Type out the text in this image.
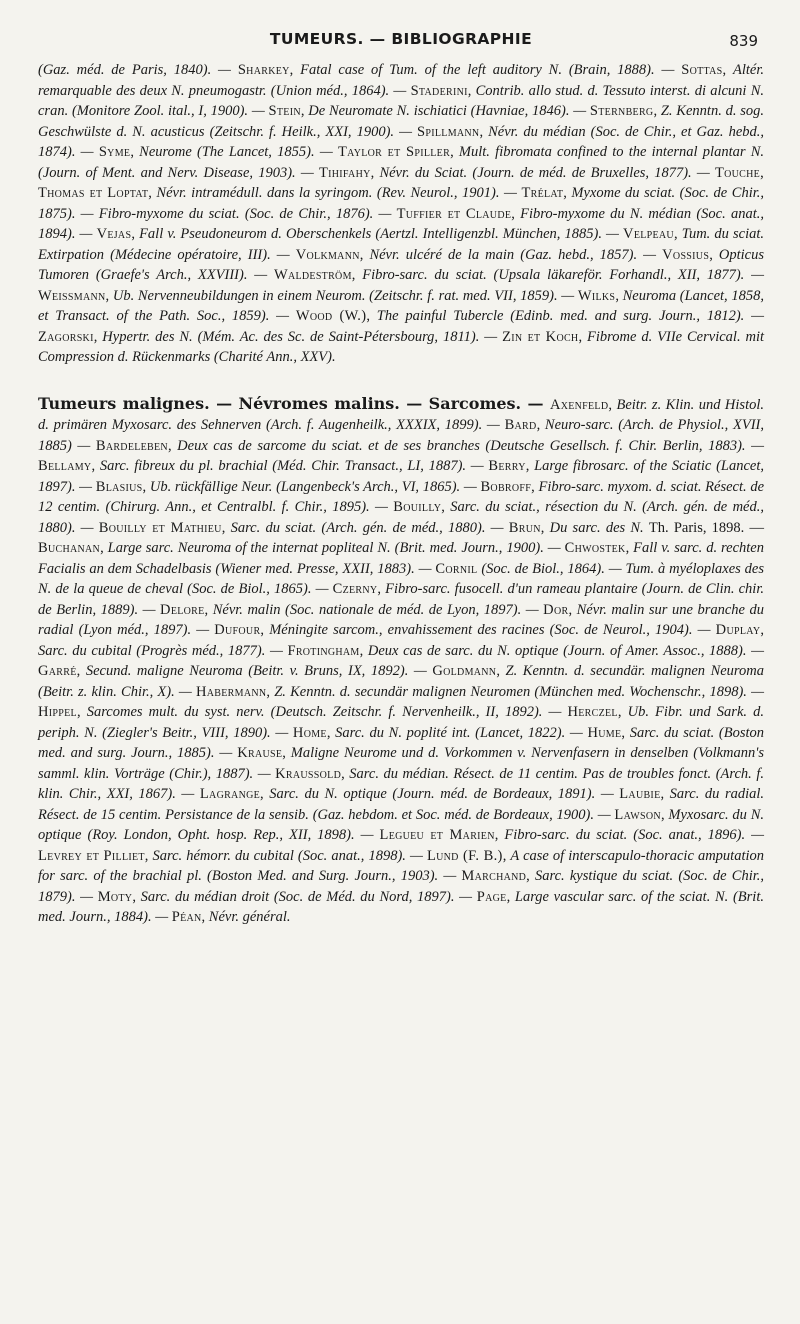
TUMEURS. — BIBLIOGRAPHIE	839

(Gaz. méd. de Paris, 1840). — Sharkey, Fatal case of Tum. of the left auditory N. (Brain, 1888). — Sottas, Altér. remarquable des deux N. pneumogastr. (Union méd., 1864). — Staderini, Contrib. allo stud. d. Tessuto interst. di alcuni N. cran. (Monitore Zool. ital., I, 1900). — Stein, De Neuromate N. ischiatici (Havniae, 1846). — Sternberg, Z. Kenntn. d. sog. Geschwülste d. N. acusticus (Zeitschr. f. Heilk., XXI, 1900). — Spillmann, Névr. du médian (Soc. de Chir., et Gaz. hebd., 1874). — Syme, Neurome (The Lancet, 1855). — Taylor et Spiller, Mult. fibromata confined to the internal plantar N. (Journ. of Ment. and Nerv. Disease, 1903). — Tihifahy, Névr. du Sciat. (Journ. de méd. de Bruxelles, 1877). — Touche, Thomas et Loptat, Névr. intramédull. dans la syringom. (Rev. Neurol., 1901). — Trélat, Myxome du sciat. (Soc. de Chir., 1875). — Fibro-myxome du sciat. (Soc. de Chir., 1876). — Tuffier et Claude, Fibro-myxome du N. médian (Soc. anat., 1894). — Vejas, Fall v. Pseudoneurom d. Oberschenkels (Aertzl. Intelligenzbl. München, 1885). — Velpeau, Tum. du sciat. Extirpation (Médecine opératoire, III). — Volkmann, Névr. ulcéré de la main (Gaz. hebd., 1857). — Vossius, Opticus Tumoren (Graefe's Arch., XXVIII). — Waldeström, Fibro-sarc. du sciat. (Upsala läkareför. Forhandl., XII, 1877). — Weissmann, Ub. Nervenneubildungen in einem Neurom. (Zeitschr. f. rat. med. VII, 1859). — Wilks, Neuroma (Lancet, 1858, et Transact. of the Path. Soc., 1859). — Wood (W.), The painful Tubercle (Edinb. med. and surg. Journ., 1812). — Zagorski, Hypertr. des N. (Mém. Ac. des Sc. de Saint-Pétersbourg, 1811). — Zin et Koch, Fibrome d. VIIe Cervical. mit Compression d. Rückenmarks (Charité Ann., XXV).

Tumeurs malignes. — Névromes malins. — Sarcomes. — Axenfeld, Beitr. z. Klin. und Histol. d. primären Myxosarc. des Sehnerven (Arch. f. Augenheilk., XXXIX, 1899). — Bard, Neuro-sarc. (Arch. de Physiol., XVII, 1885) — Bardeleben, Deux cas de sarcome du sciat. et de ses branches (Deutsche Gesellsch. f. Chir. Berlin, 1883). — Bellamy, Sarc. fibreux du pl. brachial (Méd. Chir. Transact., LI, 1887). — Berry, Large fibrosarc. of the Sciatic (Lancet, 1897). — Blasius, Ub. rückfällige Neur. (Langenbeck's Arch., VI, 1865). — Bobroff, Fibro-sarc. myxom. d. sciat. Résect. de 12 centim. (Chirurg. Ann., et Centralbl. f. Chir., 1895). — Bouilly, Sarc. du sciat., résection du N. (Arch. gén. de méd., 1880). — Bouilly et Mathieu, Sarc. du sciat. (Arch. gén. de méd., 1880). — Brun, Du sarc. des N. Th. Paris, 1898. — Buchanan, Large sarc. Neuroma of the internat popliteal N. (Brit. med. Journ., 1900). — Chwostek, Fall v. sarc. d. rechten Facialis an dem Schadelbasis (Wiener med. Presse, XXII, 1883). — Cornil (Soc. de Biol., 1864). — Tum. à myéloplaxes des N. de la queue de cheval (Soc. de Biol., 1865). — Czerny, Fibro-sarc. fusocell. d'un rameau plantaire (Journ. de Clin. chir. de Berlin, 1889). — Delore, Névr. malin (Soc. nationale de méd. de Lyon, 1897). — Dor, Névr. malin sur une branche du radial (Lyon méd., 1897). — Dufour, Méningite sarcom., envahissement des racines (Soc. de Neurol., 1904). — Duplay, Sarc. du cubital (Progrès méd., 1877). — Frotingham, Deux cas de sarc. du N. optique (Journ. of Amer. Assoc., 1888). — Garré, Secund. maligne Neuroma (Beitr. v. Bruns, IX, 1892). — Goldmann, Z. Kenntn. d. secundär. malignen Neuroma (Beitr. z. klin. Chir., X). — Habermann, Z. Kenntn. d. secundär malignen Neuromen (München med. Wochenschr., 1898). — Hippel, Sarcomes mult. du syst. nerv. (Deutsch. Zeitschr. f. Nervenheilk., II, 1892). — Herczel, Ub. Fibr. und Sark. d. periph. N. (Ziegler's Beitr., VIII, 1890). — Home, Sarc. du N. poplité int. (Lancet, 1822). — Hume, Sarc. du sciat. (Boston med. and surg. Journ., 1885). — Krause, Maligne Neurome und d. Vorkommen v. Nervenfasern in denselben (Volkmann's samml. klin. Vorträge (Chir.), 1887). — Kraussold, Sarc. du médian. Résect. de 11 centim. Pas de troubles fonct. (Arch. f. klin. Chir., XXI, 1867). — Lagrange, Sarc. du N. optique (Journ. méd. de Bordeaux, 1891). — Laubie, Sarc. du radial. Résect. de 15 centim. Persistance de la sensib. (Gaz. hebdom. et Soc. méd. de Bordeaux, 1900). — Lawson, Myxosarc. du N. optique (Roy. London, Opht. hosp. Rep., XII, 1898). — Legueu et Marien, Fibro-sarc. du sciat. (Soc. anat., 1896). — Levrey et Pilliet, Sarc. hémorr. du cubital (Soc. anat., 1898). — Lund (F. B.), A case of interscapulo-thoracic amputation for sarc. of the brachial pl. (Boston Med. and Surg. Journ., 1903). — Marchand, Sarc. kystique du sciat. (Soc. de Chir., 1879). — Moty, Sarc. du médian droit (Soc. de Méd. du Nord, 1897). — Page, Large vascular sarc. of the sciat. N. (Brit. med. Journ., 1884). — Péan, Névr. général.
